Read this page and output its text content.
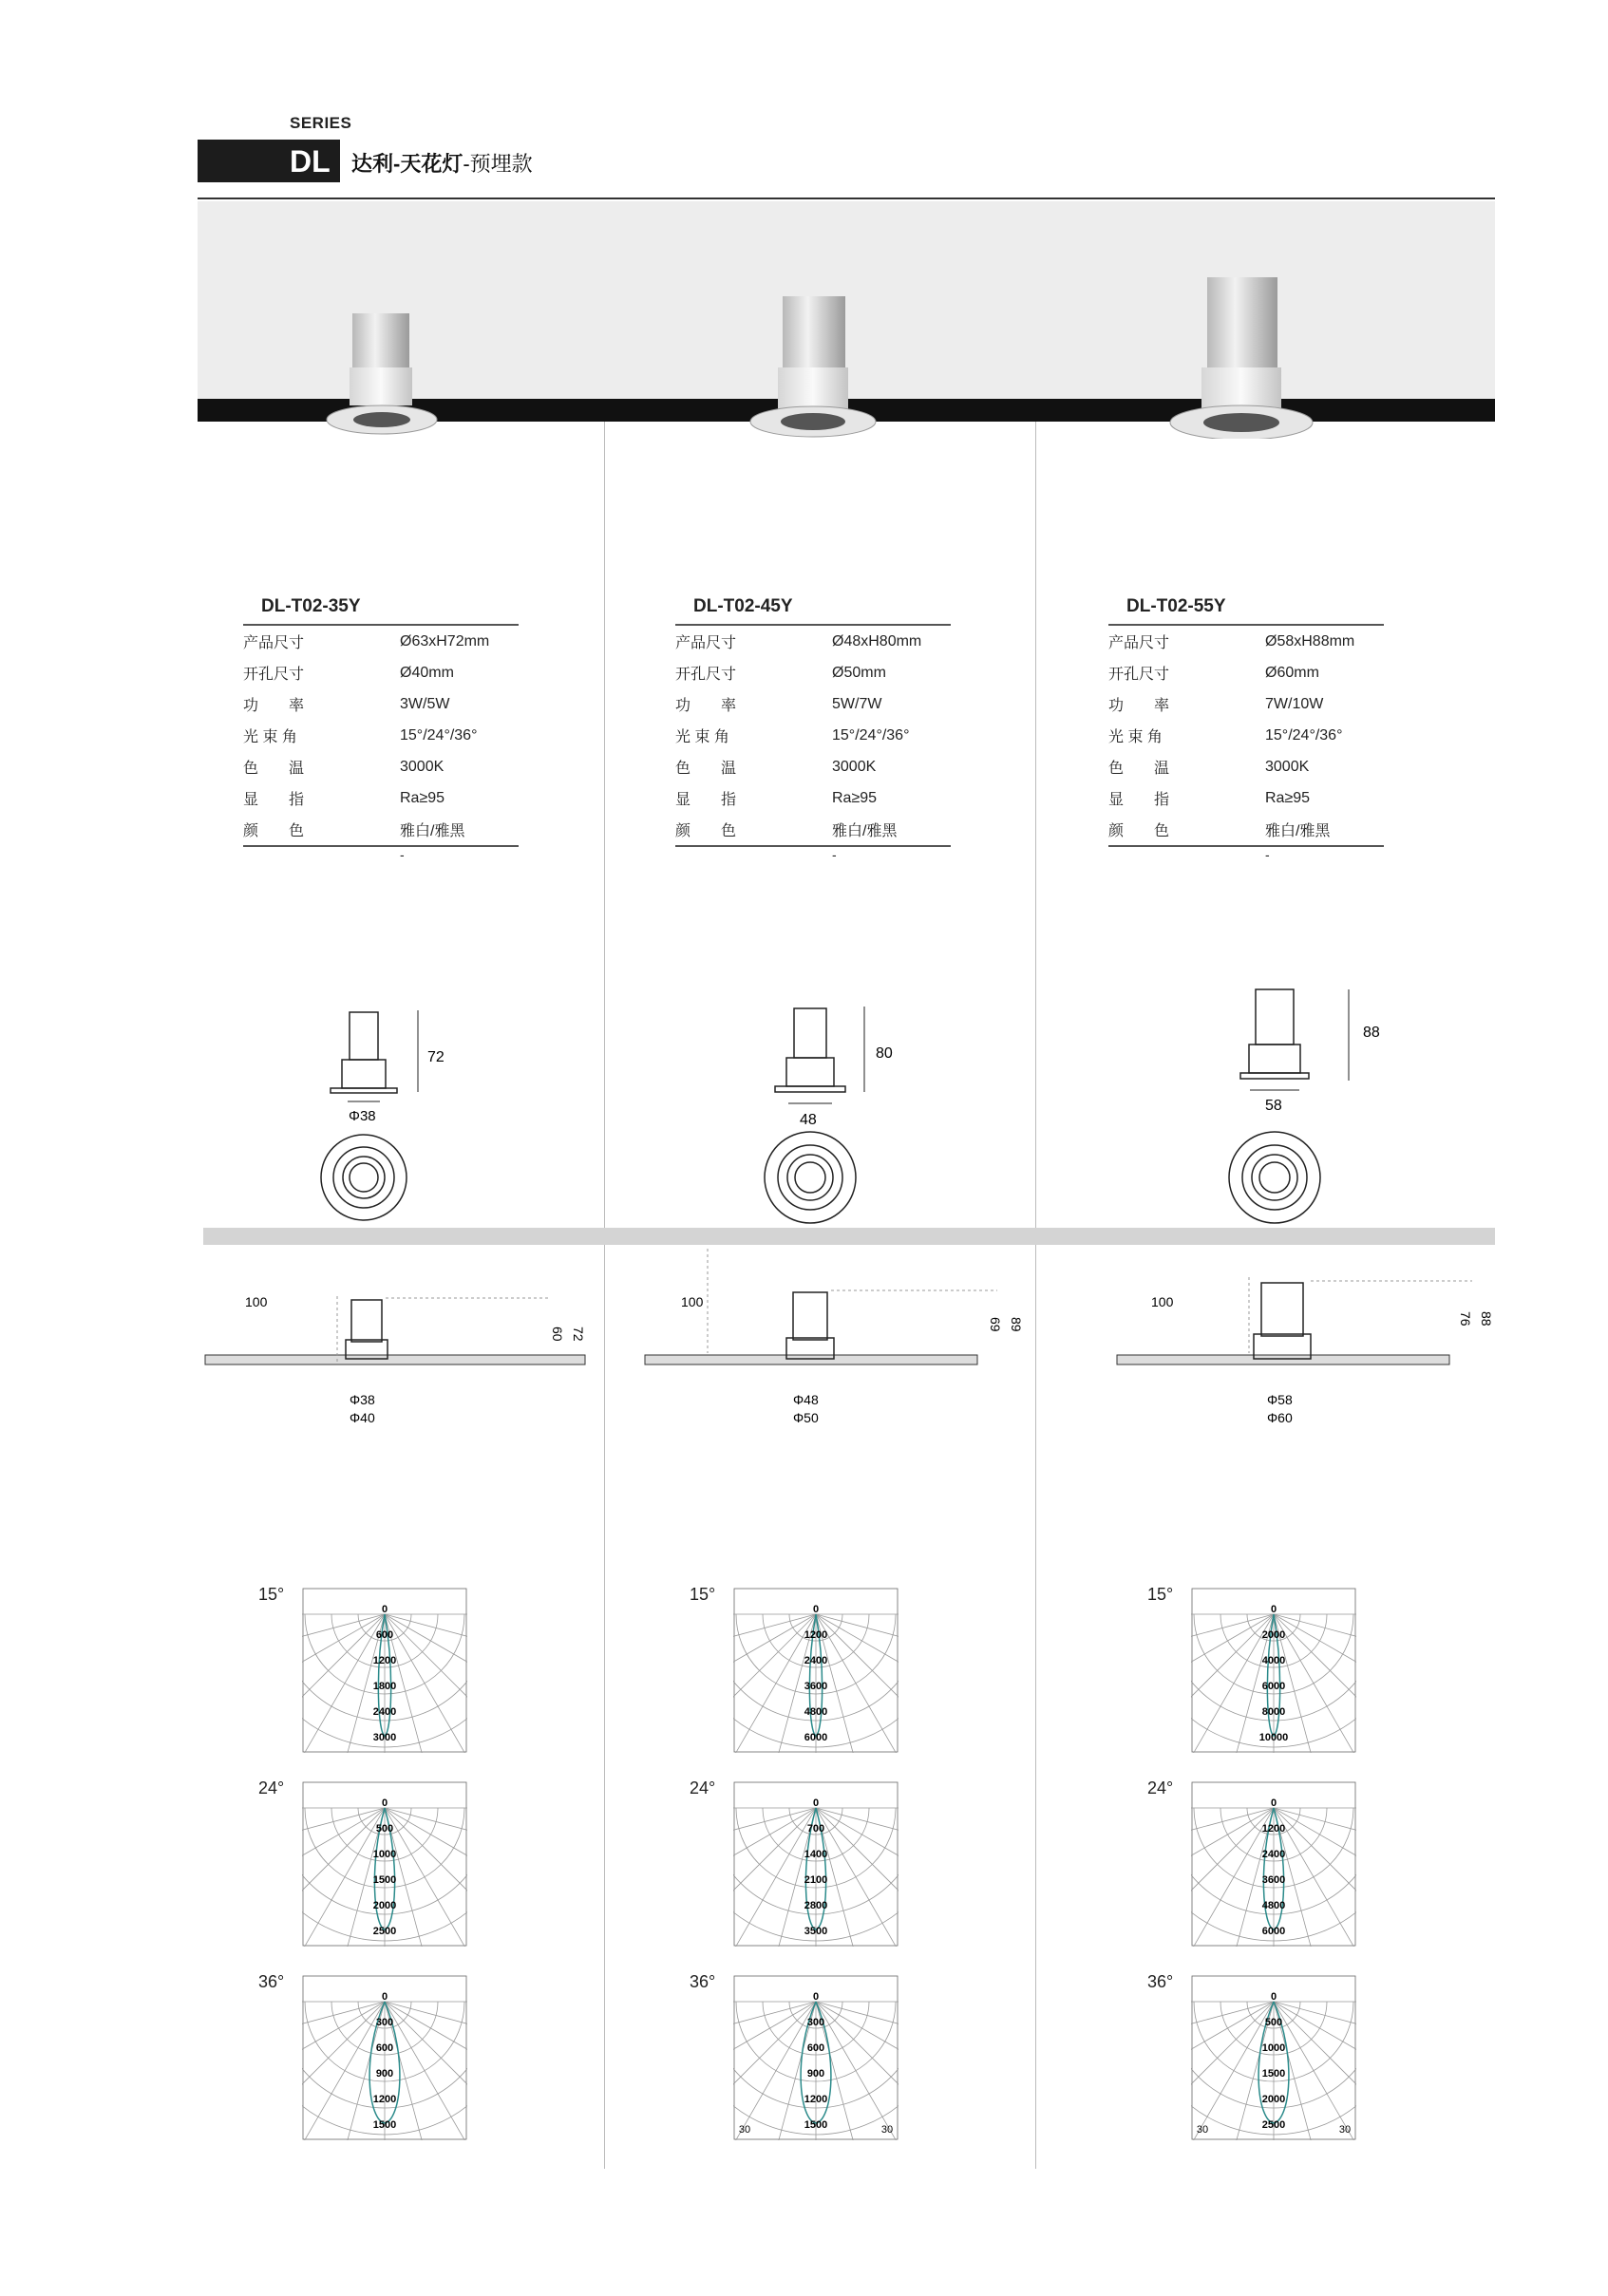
SERIES
DL 达利-天花灯-预埋款
DL-T02-35Y
产品尺寸	Ø63xH72mm
开孔尺寸	Ø40mm
功　　率	3W/5W
光 束 角	15°/24°/36°
色　　温	3000K
显　　指	Ra≥95
颜　　色	雅白/雅黑
-
DL-T02-45Y
产品尺寸	Ø48xH80mm
开孔尺寸	Ø50mm
功　　率	5W/7W
光 束 角	15°/24°/36°
色　　温	3000K
显　　指	Ra≥95
颜　　色	雅白/雅黑
-
DL-T02-55Y
产品尺寸	Ø58xH88mm
开孔尺寸	Ø60mm
功　　率	7W/10W
光 束 角	15°/24°/36°
色　　温	3000K
显　　指	Ra≥95
颜　　色	雅白/雅黑
-
72
Φ38
80
48
88
58
100
60 72
Φ38
Φ40
100
69 89
Φ48
Φ50
100
76 88
Φ58
Φ60
15°
0
600
1200
1800
2400
3000
24°
0
500
1000
1500
2000
2500
36°
0
300
600
900
1200
1500
15°
0
1200
2400
3600
4800
6000
24°
0
700
1400
2100
2800
3500
36°
0
300
600
900
1200
1500
30	30
15°
0
2000
4000
6000
8000
10000
24°
0
1200
2400
3600
4800
6000
36°
0
500
1000
1500
2000
2500
30	30
